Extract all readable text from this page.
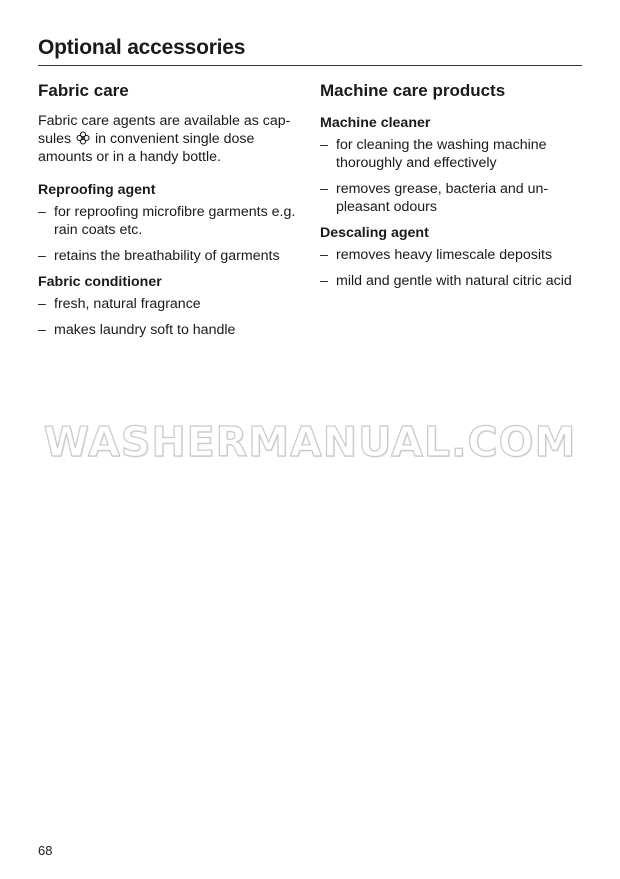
Optional accessories
Fabric care

Fabric care agents are available as cap-sules in convenient single dose amounts or in a handy bottle.

Reproofing agent
– for reproofing microfibre garments e.g. rain coats etc.
– retains the breathability of garments
Fabric conditioner
– fresh, natural fragrance
– makes laundry soft to handle
Machine care products
Machine cleaner
– for cleaning the washing machine thoroughly and effectively
– removes grease, bacteria and un-pleasant odours
Descaling agent
– removes heavy limescale deposits
– mild and gentle with natural citric acid
WASHERMANUAL.COM
68
